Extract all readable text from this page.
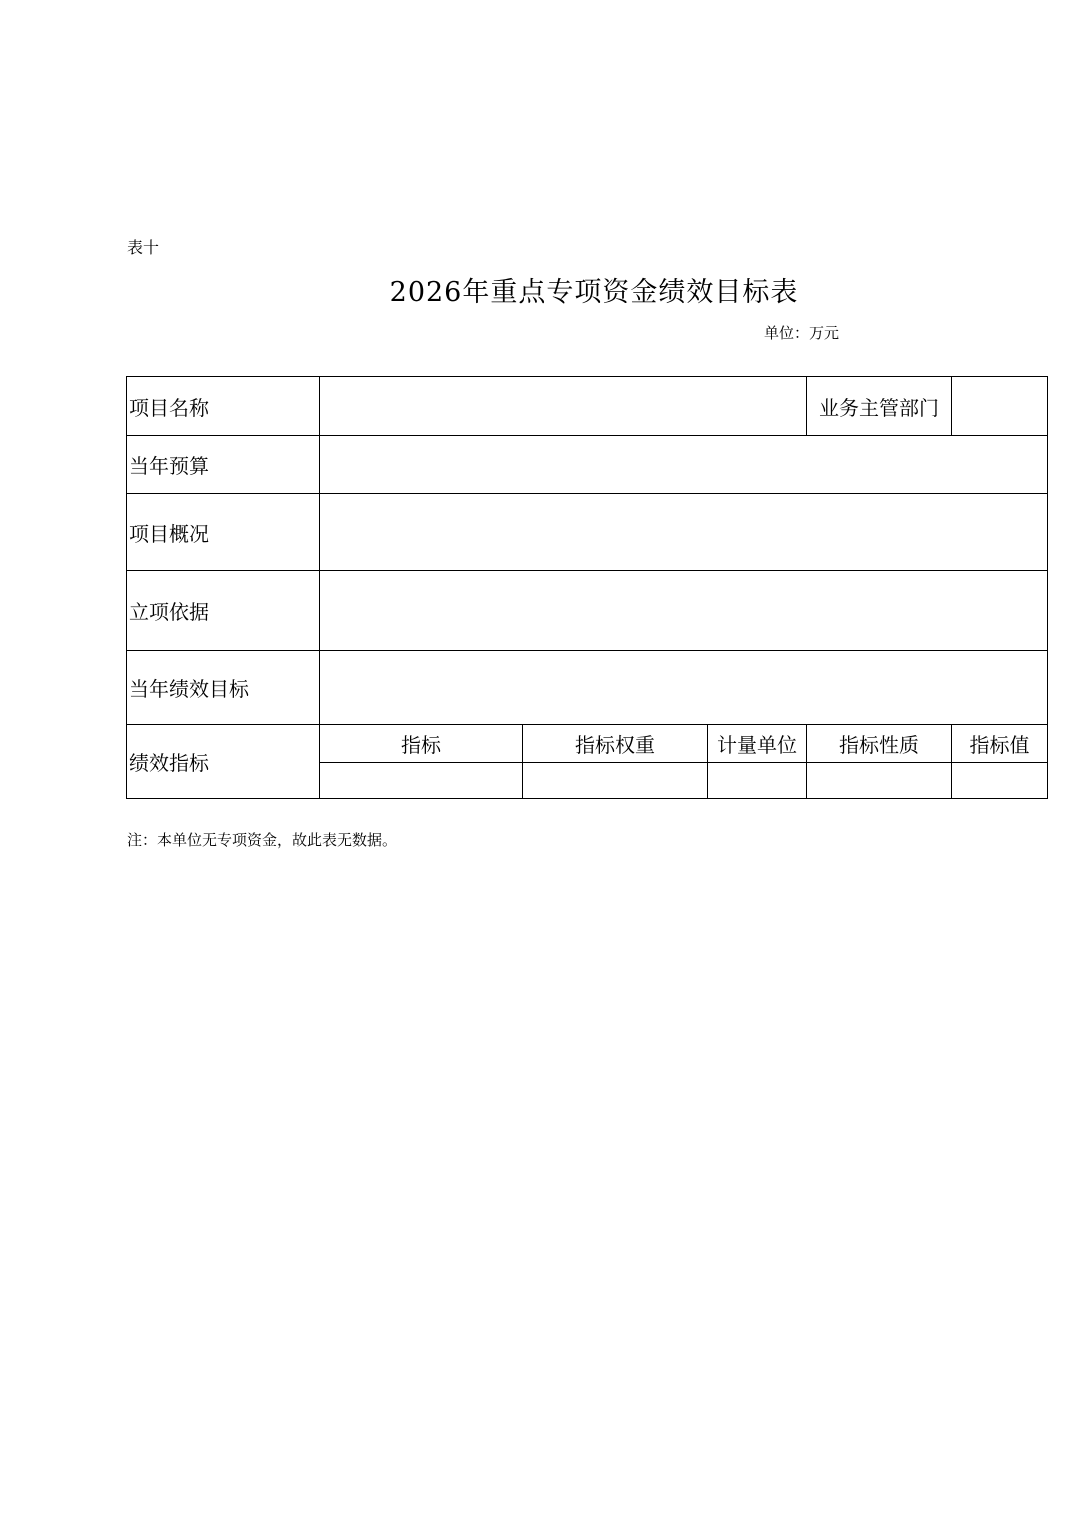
表十
2026年重点专项资金绩效目标表
单位：万元
项目名称				业务主管部门	
当年预算					
项目概况					
立项依据					
当年绩效目标					
绩效指标	指标	指标权重	计量单位	指标性质	指标值

注：本单位无专项资金，故此表无数据。
